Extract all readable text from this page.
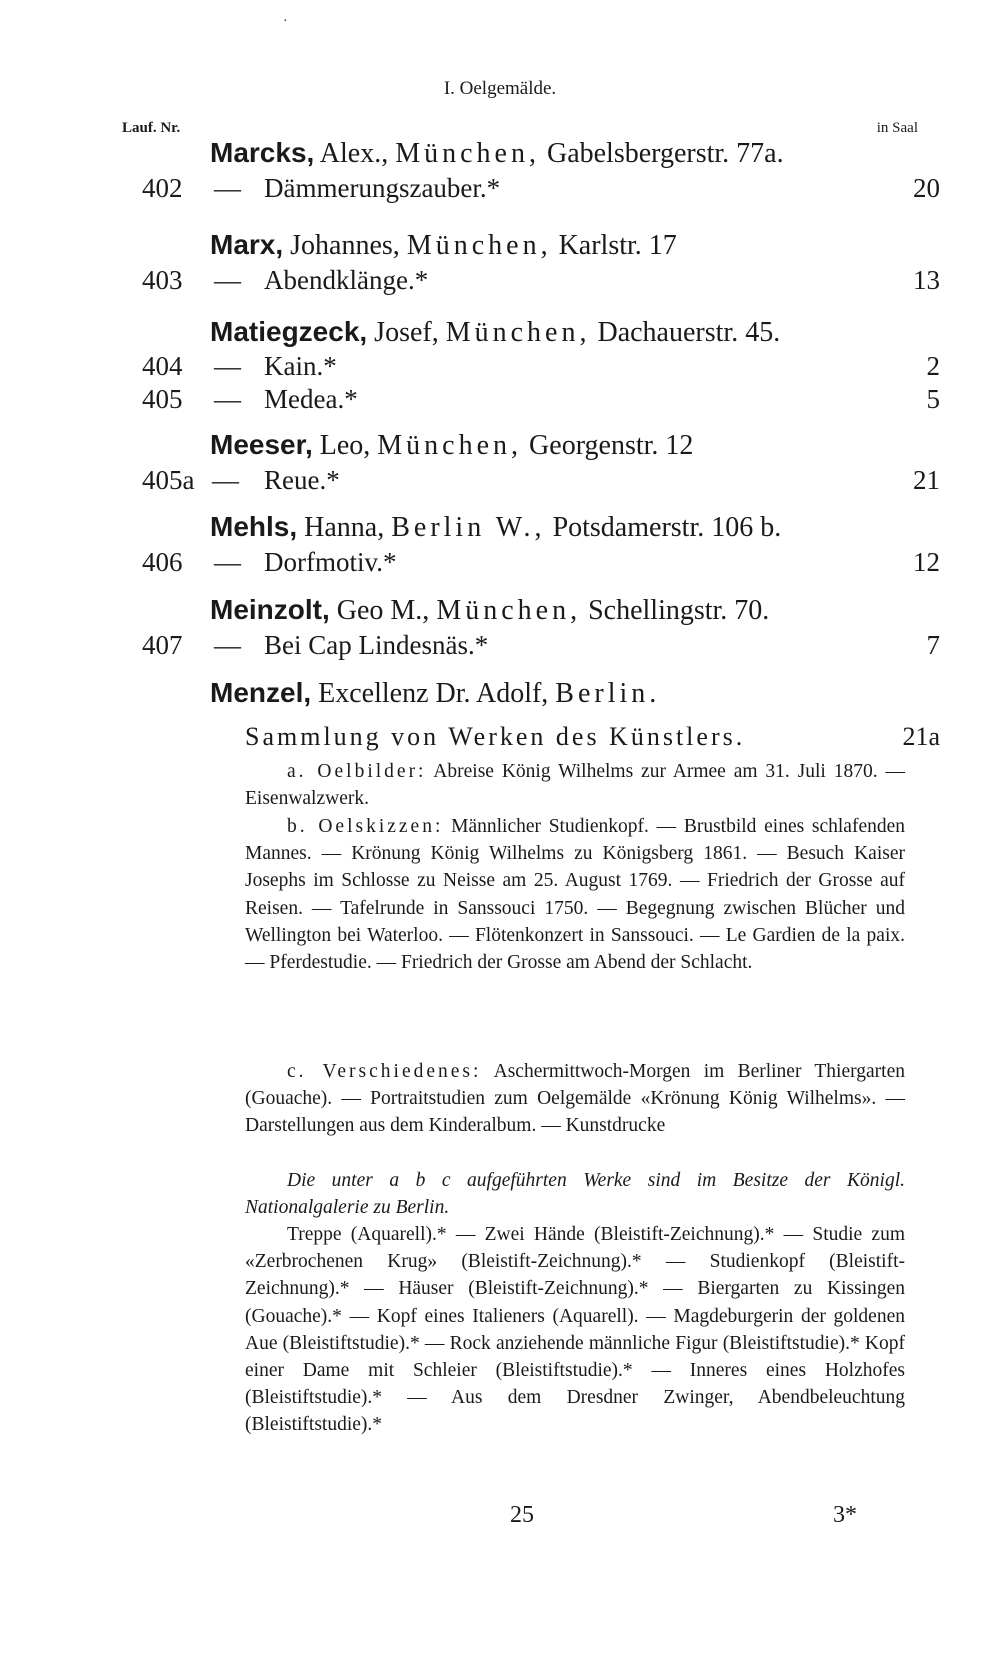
·
I. Oelgemälde.
Lauf. Nr.	in Saal
Marcks, Alex., München, Gabelsbergerstr. 77a.
402 — Dämmerungszauber.*	20
Marx, Johannes, München, Karlstr. 17
403 — Abendklänge.*	13
Matiegzeck, Josef, München, Dachauerstr. 45.
404 — Kain.*	2
405 — Medea.*	5
Meeser, Leo, München, Georgenstr. 12
405a — Reue.*	21
Mehls, Hanna, Berlin W., Potsdamerstr. 106 b.
406 — Dorfmotiv.*	12
Meinzolt, Geo M., München, Schellingstr. 70.
407 — Bei Cap Lindesnäs.*	7
Menzel, Excellenz Dr. Adolf, Berlin.
Sammlung von Werken des Künstlers.	21a
a. Oelbilder: Abreise König Wilhelms zur Armee am 31. Juli 1870. — Eisenwalzwerk.
b. Oelskizzen: Männlicher Studienkopf. — Brustbild eines schlafenden Mannes. — Krönung König Wilhelms zu Königsberg 1861. — Besuch Kaiser Josephs im Schlosse zu Neisse am 25. August 1769. — Friedrich der Grosse auf Reisen. — Tafelrunde in Sanssouci 1750. — Begegnung zwischen Blücher und Wellington bei Waterloo. — Flötenkonzert in Sanssouci. — Le Gardien de la paix. — Pferdestudie. — Friedrich der Grosse am Abend der Schlacht.
c. Verschiedenes: Aschermittwoch-Morgen im Berliner Thiergarten (Gouache). — Portraitstudien zum Oelgemälde «Krönung König Wilhelms». — Darstellungen aus dem Kinderalbum. — Kunstdrucke
Die unter a b c aufgeführten Werke sind im Besitze der Königl. Nationalgalerie zu Berlin.
Treppe (Aquarell).* — Zwei Hände (Bleistift-Zeichnung).* — Studie zum «Zerbrochenen Krug» (Bleistift-Zeichnung).* — Studienkopf (Bleistift-Zeichnung).* — Häuser (Bleistift-Zeichnung).* — Biergarten zu Kissingen (Gouache).* — Kopf eines Italieners (Aquarell). — Magdeburgerin der goldenen Aue (Bleistiftstudie).* — Rock anziehende männliche Figur (Bleistiftstudie).* Kopf einer Dame mit Schleier (Bleistiftstudie).* — Inneres eines Holzhofes (Bleistiftstudie).* — Aus dem Dresdner Zwinger, Abendbeleuchtung (Bleistiftstudie).*
25	3*
